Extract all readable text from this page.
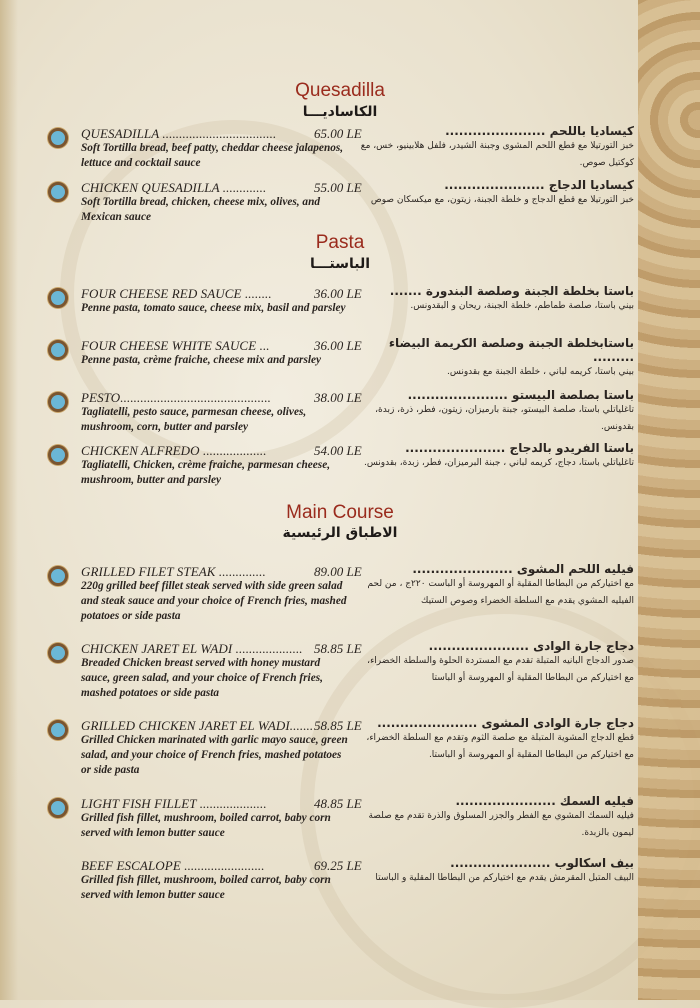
Quesadilla
الكاساديـــا
QUESADILLA ..................................
Soft Tortilla bread, beef patty, cheddar cheese jalapenos, lettuce and cocktail sauce
65.00 LE	كيساديا باللحم ......................
خبز التورتيلا مع قطع اللحم المشوى وجبنة الشيدر، فلفل هلابينيو، خس، مع كوكتيل صوص.
CHICKEN QUESADILLA .............
Soft Tortilla bread, chicken, cheese mix, olives, and Mexican sauce
55.00 LE	كيساديا الدجاج ......................
خبز التورتيلا مع قطع الدجاج و خلطة الجبنة، زيتون، مع ميكسكان صوص
Pasta
الباستـــا
FOUR CHEESE RED SAUCE ........
Penne pasta, tomato sauce, cheese mix, basil and parsley
36.00 LE	باستا بخلطة الجبنة وصلصة البندورة .......
بيني باستا، صلصة طماطم، خلطة الجبنة، ريحان و البقدونس.
FOUR CHEESE WHITE SAUCE ...
Penne pasta, crème fraiche, cheese mix and parsley
36.00 LE	باستابخلطة الجبنة وصلصة الكريمة البيضاء .........
بيني باستا، كريمه لباني ، خلطة الجبنة مع بقدونس.
PESTO.............................................
Tagliatelli, pesto sauce, parmesan cheese, olives, mushroom, corn, butter and parsley
38.00 LE	باستا بصلصة البيستو ......................
تاغلياتلي باستا، صلصة البيستو، جبنة بارميزان، زيتون، فطر، ذرة، زبدة، بقدونس.
CHICKEN ALFREDO ...................
Tagliatelli, Chicken, crème fraiche, parmesan cheese, mushroom, butter and parsley
54.00 LE	باستا الفريدو بالدجاج ......................
تاغلياتلي باستا، دجاج، كريمه لباني ، جبنة البرميزان، فطر، زبدة، بقدونس.
Main Course
الاطباق الرئيسية
GRILLED FILET STEAK ..............
220g grilled beef fillet steak served with side green salad and steak sauce and your choice of French fries, mashed potatoes or side pasta
89.00 LE	فيليه اللحم المشوى ......................
مع اختياركم من البطاطا المقلية أو المهروسة أو الباست ٢٢٠ج ، من لحم الفيليه المشوي يقدم مع السلطة الخضراء وصوص الستيك
CHICKEN JARET EL WADI ....................
Breaded Chicken breast served with honey mustard sauce, green salad, and your choice of French fries, mashed potatoes or side pasta
58.85 LE	دجاج جارة الوادى ......................
صدور الدجاج البانيه المتبلة تقدم مع المستردة الحلوة والسلطة الخضراء، مع اختياركم من البطاطا المقلية أو المهروسة أو الباستا
GRILLED CHICKEN JARET EL WADI.......
Grilled Chicken marinated with garlic mayo sauce, green salad, and your choice of French fries, mashed potatoes or side pasta
58.85 LE	دجاج جارة الوادى المشوى ......................
قطع الدجاج المشوية المتبلة مع صلصة الثوم وتقدم مع السلطة الخضراء، مع اختياركم من البطاطا المقلية أو المهروسة أو الباستا.
LIGHT FISH FILLET ....................
Grilled fish fillet, mushroom, boiled carrot, baby corn served with lemon butter sauce
48.85 LE	فيليه السمك ......................
فيليه السمك المشوي مع الفطر والجزر المسلوق والذرة تقدم مع صلصة ليمون بالزبدة.
BEEF ESCALOPE ........................
Grilled fish fillet, mushroom, boiled carrot, baby corn served with lemon butter sauce
69.25 LE	بيف اسكالوب ......................
البيف المتبل المقرمش يقدم مع اختياركم من البطاطا المقلية و الباستا
